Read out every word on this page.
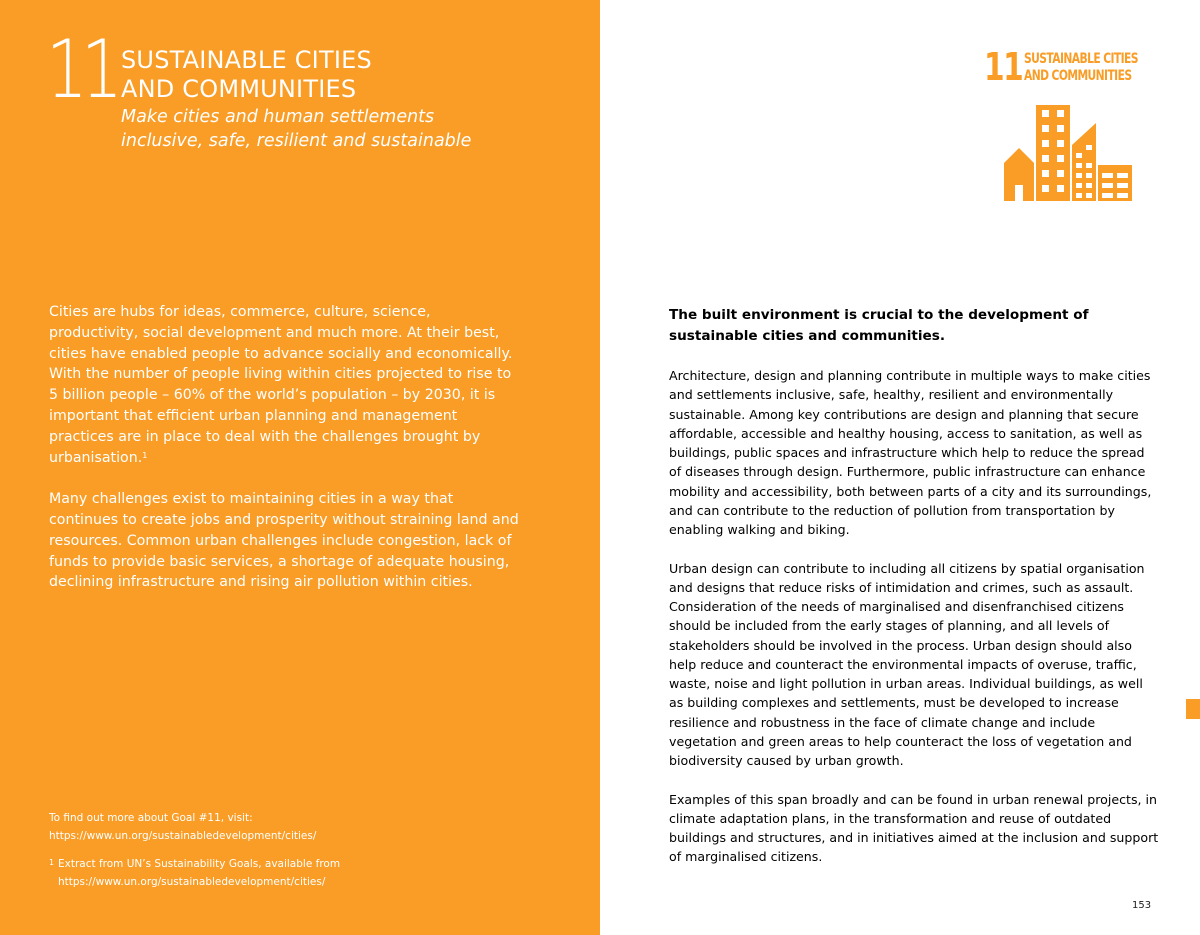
11 SUSTAINABLE CITIES
AND COMMUNITIES
Make cities and human settlements
inclusive, safe, resilient and sustainable

Cities are hubs for ideas, commerce, culture, science, productivity, social development and much more. At their best, cities have enabled people to advance socially and economically. With the number of people living within cities projected to rise to 5 billion people – 60% of the world’s population – by 2030, it is important that efficient urban planning and management practices are in place to deal with the challenges brought by urbanisation.$^1$

Many challenges exist to maintaining cities in a way that continues to create jobs and prosperity without straining land and resources. Common urban challenges include congestion, lack of funds to provide basic services, a shortage of adequate housing, declining infrastructure and rising air pollution within cities.

To find out more about Goal #11, visit:
https://www.un.org/sustainabledevelopment/cities/
1 Extract from UN’s Sustainability Goals, available from
https://www.un.org/sustainabledevelopment/cities/
11 SUSTAINABLE CITIES
AND COMMUNITIES
The built environment is crucial to the development of sustainable cities and communities.

Architecture, design and planning contribute in multiple ways to make cities and settlements inclusive, safe, healthy, resilient and environmentally sustainable. Among key contributions are design and planning that secure affordable, accessible and healthy housing, access to sanitation, as well as buildings, public spaces and infrastructure which help to reduce the spread of diseases through design. Furthermore, public infrastructure can enhance mobility and accessibility, both between parts of a city and its surroundings, and can contribute to the reduction of pollution from transportation by enabling walking and biking.

Urban design can contribute to including all citizens by spatial organisation and designs that reduce risks of intimidation and crimes, such as assault. Consideration of the needs of marginalised and disenfranchised citizens should be included from the early stages of planning, and all levels of stakeholders should be involved in the process. Urban design should also help reduce and counteract the environmental impacts of overuse, traffic, waste, noise and light pollution in urban areas. Individual buildings, as well as building complexes and settlements, must be developed to increase resilience and robustness in the face of climate change and include vegetation and green areas to help counteract the loss of vegetation and biodiversity caused by urban growth.

Examples of this span broadly and can be found in urban renewal projects, in climate adaptation plans, in the transformation and reuse of outdated buildings and structures, and in initiatives aimed at the inclusion and support of marginalised citizens.

153
